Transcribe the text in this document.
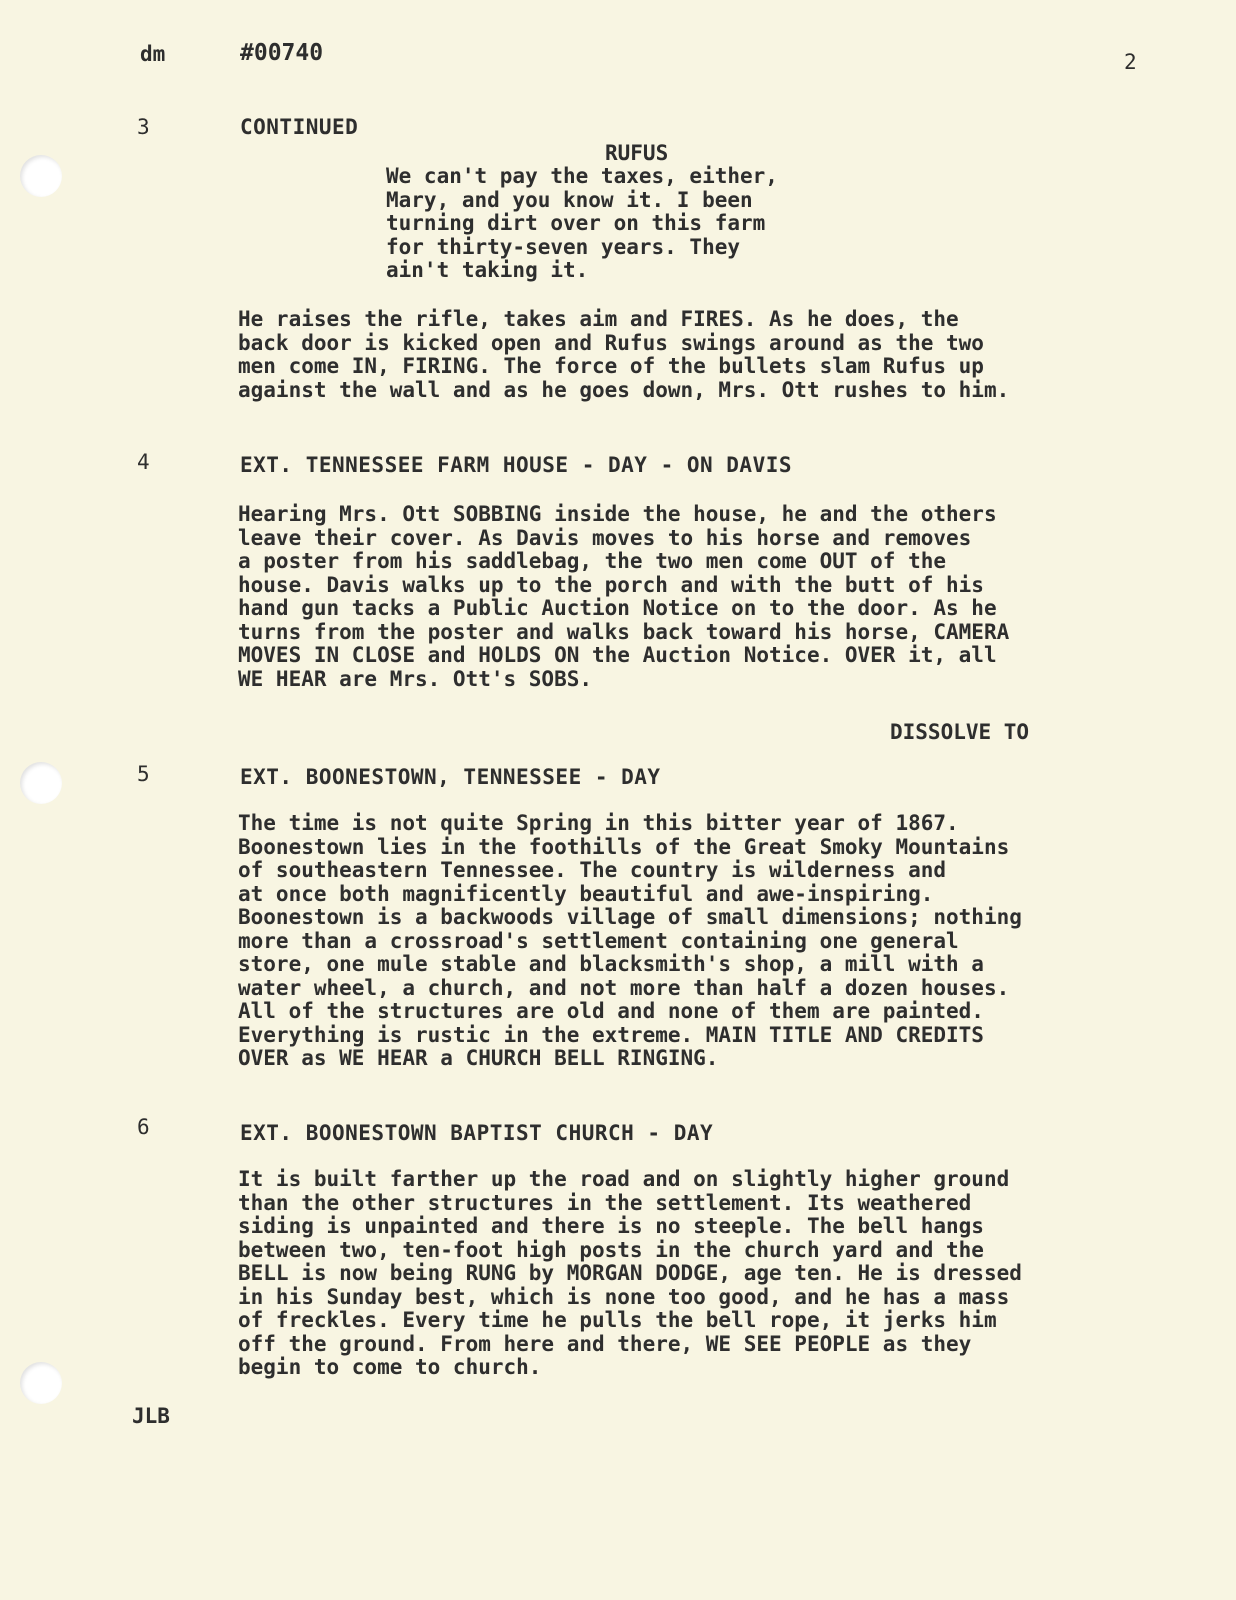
dm	#00740	2
3	CONTINUED
RUFUS
We can't pay the taxes, either,
Mary, and you know it. I been
turning dirt over on this farm
for thirty-seven years. They
ain't taking it.
He raises the rifle, takes aim and FIRES. As he does, the
back door is kicked open and Rufus swings around as the two
men come IN, FIRING. The force of the bullets slam Rufus up
against the wall and as he goes down, Mrs. Ott rushes to him.
4	EXT. TENNESSEE FARM HOUSE - DAY - ON DAVIS
Hearing Mrs. Ott SOBBING inside the house, he and the others
leave their cover. As Davis moves to his horse and removes
a poster from his saddlebag, the two men come OUT of the
house. Davis walks up to the porch and with the butt of his
hand gun tacks a Public Auction Notice on to the door. As he
turns from the poster and walks back toward his horse, CAMERA
MOVES IN CLOSE and HOLDS ON the Auction Notice. OVER it, all
WE HEAR are Mrs. Ott's SOBS.
DISSOLVE TO
5	EXT. BOONESTOWN, TENNESSEE - DAY
The time is not quite Spring in this bitter year of 1867.
Boonestown lies in the foothills of the Great Smoky Mountains
of southeastern Tennessee. The country is wilderness and
at once both magnificently beautiful and awe-inspiring.
Boonestown is a backwoods village of small dimensions; nothing
more than a crossroad's settlement containing one general
store, one mule stable and blacksmith's shop, a mill with a
water wheel, a church, and not more than half a dozen houses.
All of the structures are old and none of them are painted.
Everything is rustic in the extreme. MAIN TITLE AND CREDITS
OVER as WE HEAR a CHURCH BELL RINGING.
6	EXT. BOONESTOWN BAPTIST CHURCH - DAY
It is built farther up the road and on slightly higher ground
than the other structures in the settlement. Its weathered
siding is unpainted and there is no steeple. The bell hangs
between two, ten-foot high posts in the church yard and the
BELL is now being RUNG by MORGAN DODGE, age ten. He is dressed
in his Sunday best, which is none too good, and he has a mass
of freckles. Every time he pulls the bell rope, it jerks him
off the ground. From here and there, WE SEE PEOPLE as they
begin to come to church.
JLB
